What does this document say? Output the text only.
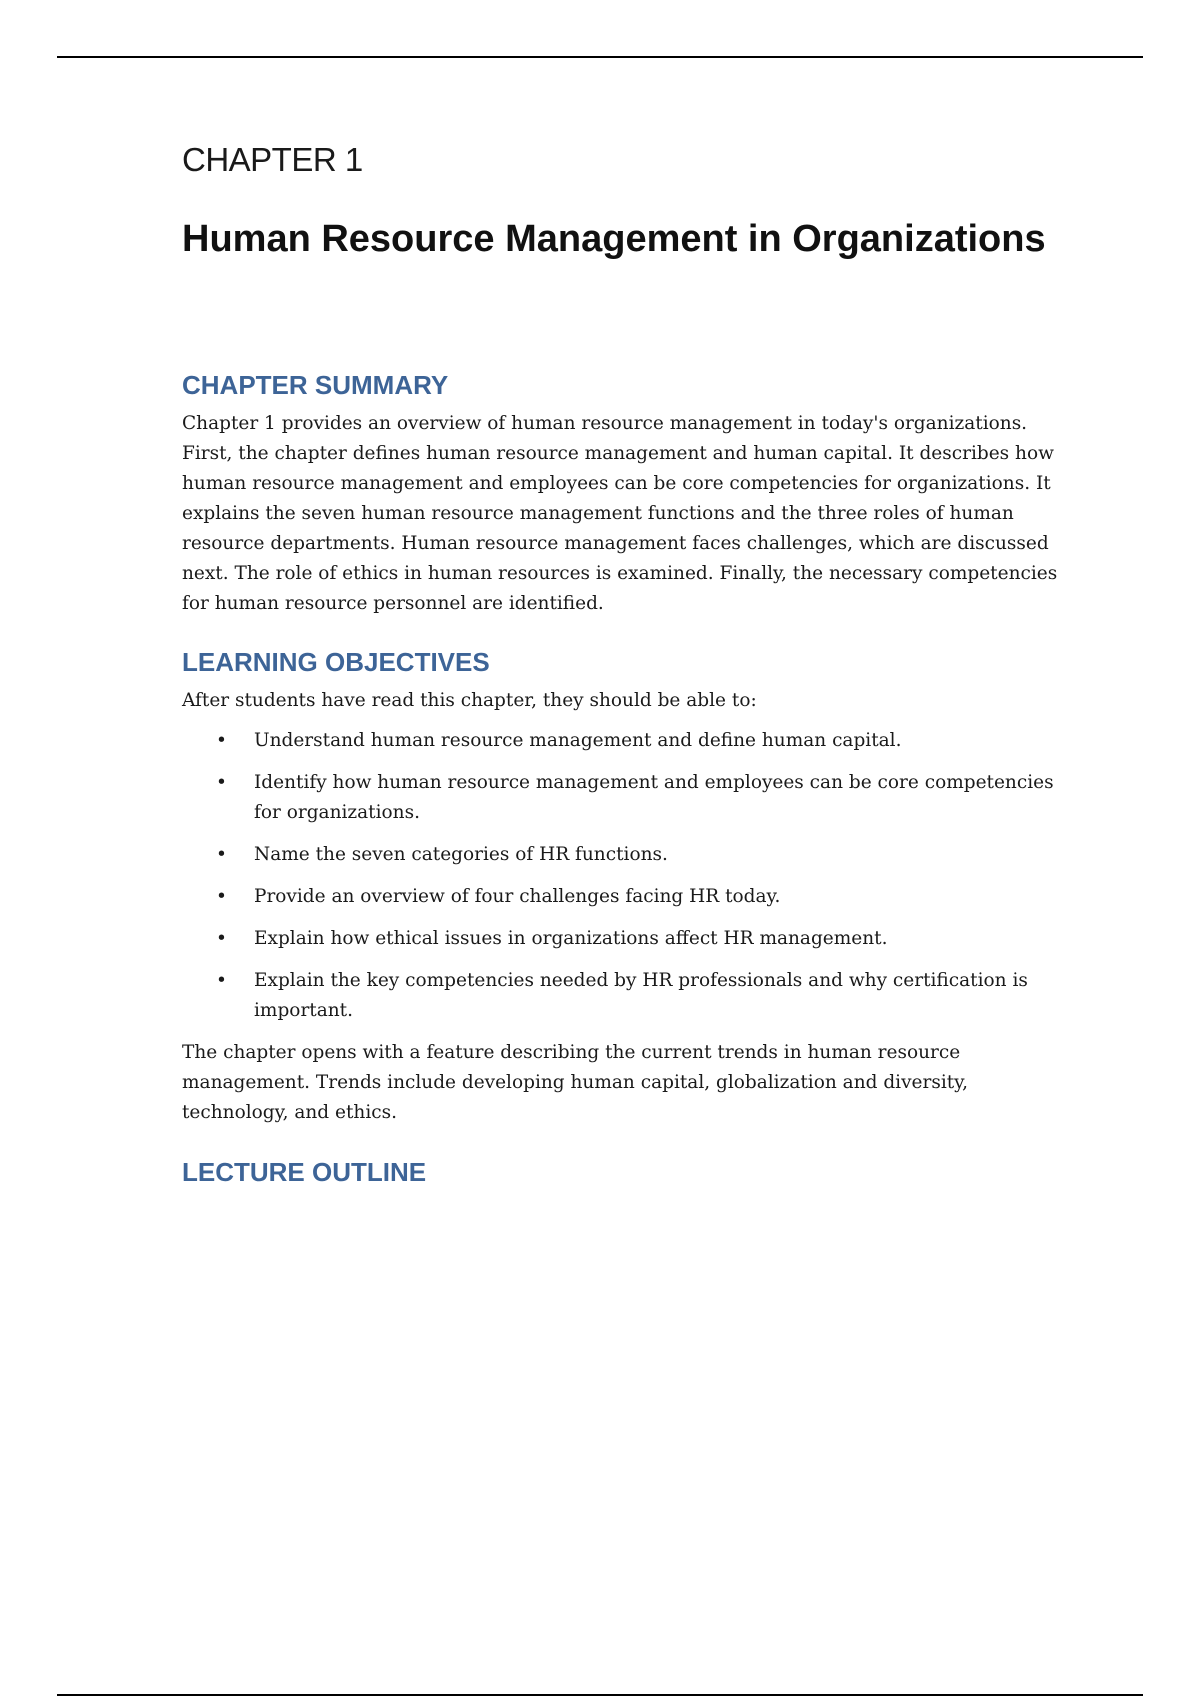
CHAPTER 1
Human Resource Management in Organizations
CHAPTER SUMMARY

Chapter 1 provides an overview of human resource management in today's organizations. First, the chapter defines human resource management and human capital. It describes how human resource management and employees can be core competencies for organizations. It explains the seven human resource management functions and the three roles of human resource departments. Human resource management faces challenges, which are discussed next. The role of ethics in human resources is examined. Finally, the necessary competencies for human resource personnel are identified.

LEARNING OBJECTIVES

After students have read this chapter, they should be able to:

• Understand human resource management and define human capital.
• Identify how human resource management and employees can be core competencies for organizations.
• Name the seven categories of HR functions.
• Provide an overview of four challenges facing HR today.
• Explain how ethical issues in organizations affect HR management.
• Explain the key competencies needed by HR professionals and why certification is important.

The chapter opens with a feature describing the current trends in human resource management. Trends include developing human capital, globalization and diversity, technology, and ethics.

LECTURE OUTLINE
